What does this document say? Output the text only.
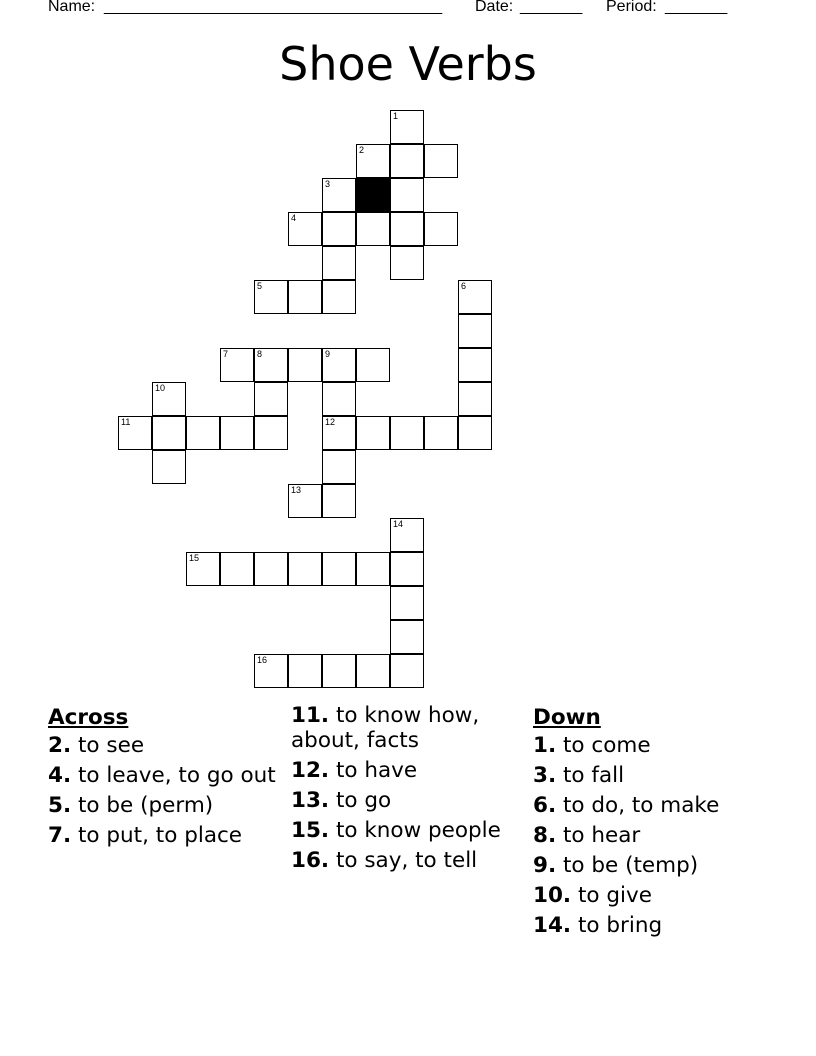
Name: ______________________________________ Date: _______ Period: _______
Shoe Verbs
1
2
3
4
5	6
7	8	9
10
11	12
13
14
15
16
Across
2. to see
4. to leave, to go out
5. to be (perm)
7. to put, to place
11. to know how, about, facts
12. to have
13. to go
15. to know people
16. to say, to tell
Down
1. to come
3. to fall
6. to do, to make
8. to hear
9. to be (temp)
10. to give
14. to bring
